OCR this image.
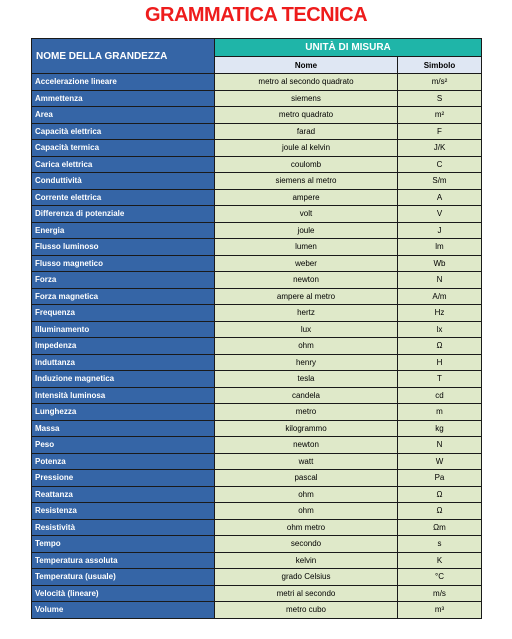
GRAMMATICA TECNICA
NOME DELLA GRANDEZZA	UNITÀ DI MISURA	
	Nome	Simbolo
Accelerazione lineare	metro al secondo quadrato	m/s²
Ammettenza	siemens	S
Area	metro quadrato	m²
Capacità elettrica	farad	F
Capacità termica	joule al kelvin	J/K
Carica elettrica	coulomb	C
Conduttività	siemens al metro	S/m
Corrente elettrica	ampere	A
Differenza di potenziale	volt	V
Energia	joule	J
Flusso luminoso	lumen	lm
Flusso magnetico	weber	Wb
Forza	newton	N
Forza magnetica	ampere al metro	A/m
Frequenza	hertz	Hz
Illuminamento	lux	lx
Impedenza	ohm	Ω
Induttanza	henry	H
Induzione magnetica	tesla	T
Intensità luminosa	candela	cd
Lunghezza	metro	m
Massa	kilogrammo	kg
Peso	newton	N
Potenza	watt	W
Pressione	pascal	Pa
Reattanza	ohm	Ω
Resistenza	ohm	Ω
Resistività	ohm metro	Ωm
Tempo	secondo	s
Temperatura assoluta	kelvin	K
Temperatura (usuale)	grado Celsius	°C
Velocità (lineare)	metri al secondo	m/s
Volume	metro cubo	m³
